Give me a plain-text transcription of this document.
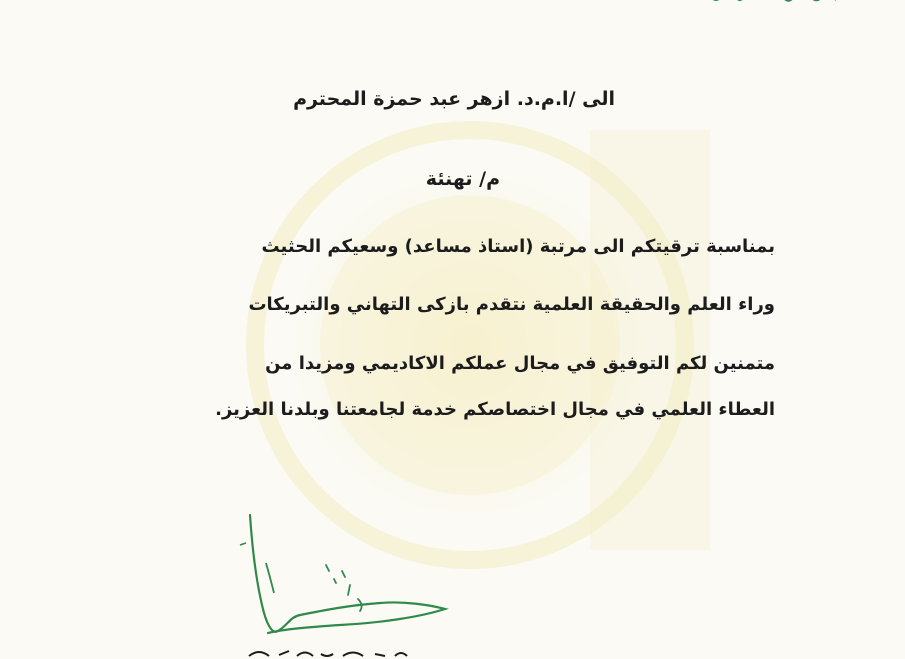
الى /ا.م.د. ازهر عبد حمزة المحترم
م/ تهنئة
بمناسبة ترقيتكم الى مرتبة (استاذ مساعد) وسعيكم الحثيث
وراء العلم والحقيقة العلمية نتقدم بازكى التهاني والتبريكات
متمنين لكم التوفيق في مجال عملكم الاكاديمي ومزيدا من
العطاء العلمي في مجال اختصاصكم خدمة لجامعتنا وبلدنا العزيز.
